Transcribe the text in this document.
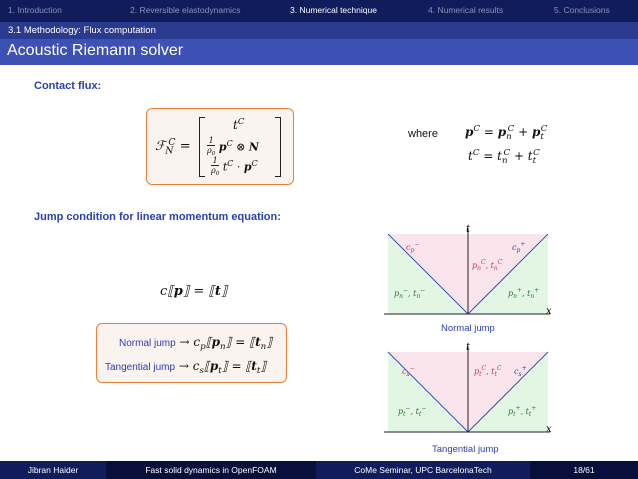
1. Introduction	2. Reversible elastodynamics	3. Numerical technique	4. Numerical results	5. Conclusions
3.1 Methodology: Flux computation
Acoustic Riemann solver
Contact flux:
ℱ$_N^C$ =
$t^C$
$\frac{1}{\rho_0} p^C$ ⊗ N
$\frac{1}{\rho_0} t^C \cdot p^C$
where $p^C = p_n^C + p_t^C$
$t^C = t_n^C + t_t^C$
Jump condition for linear momentum equation:
c⟦p⟧ = ⟦t⟧
Normal jump → $c_p⟦p_n⟧$ = $⟦t_n⟧$
Tangential jump → $c_s⟦p_t⟧$ = $⟦t_t⟧$
t
x
$c_p^-$	$c_p^+$
$p_n^C$, $t_n^C$
$p_n^-$, $t_n^-$	$p_n^+$, $t_n^+$
Normal jump
t
x
$c_s^-$	$c_s^+$
$p_t^C$, $t_t^C$
$p_t^-$, $t_t^-$	$p_t^+$, $t_t^+$
Tangential jump
Jibran Haider	Fast solid dynamics in OpenFOAM	CoMe Seminar, UPC BarcelonaTech	18/61
